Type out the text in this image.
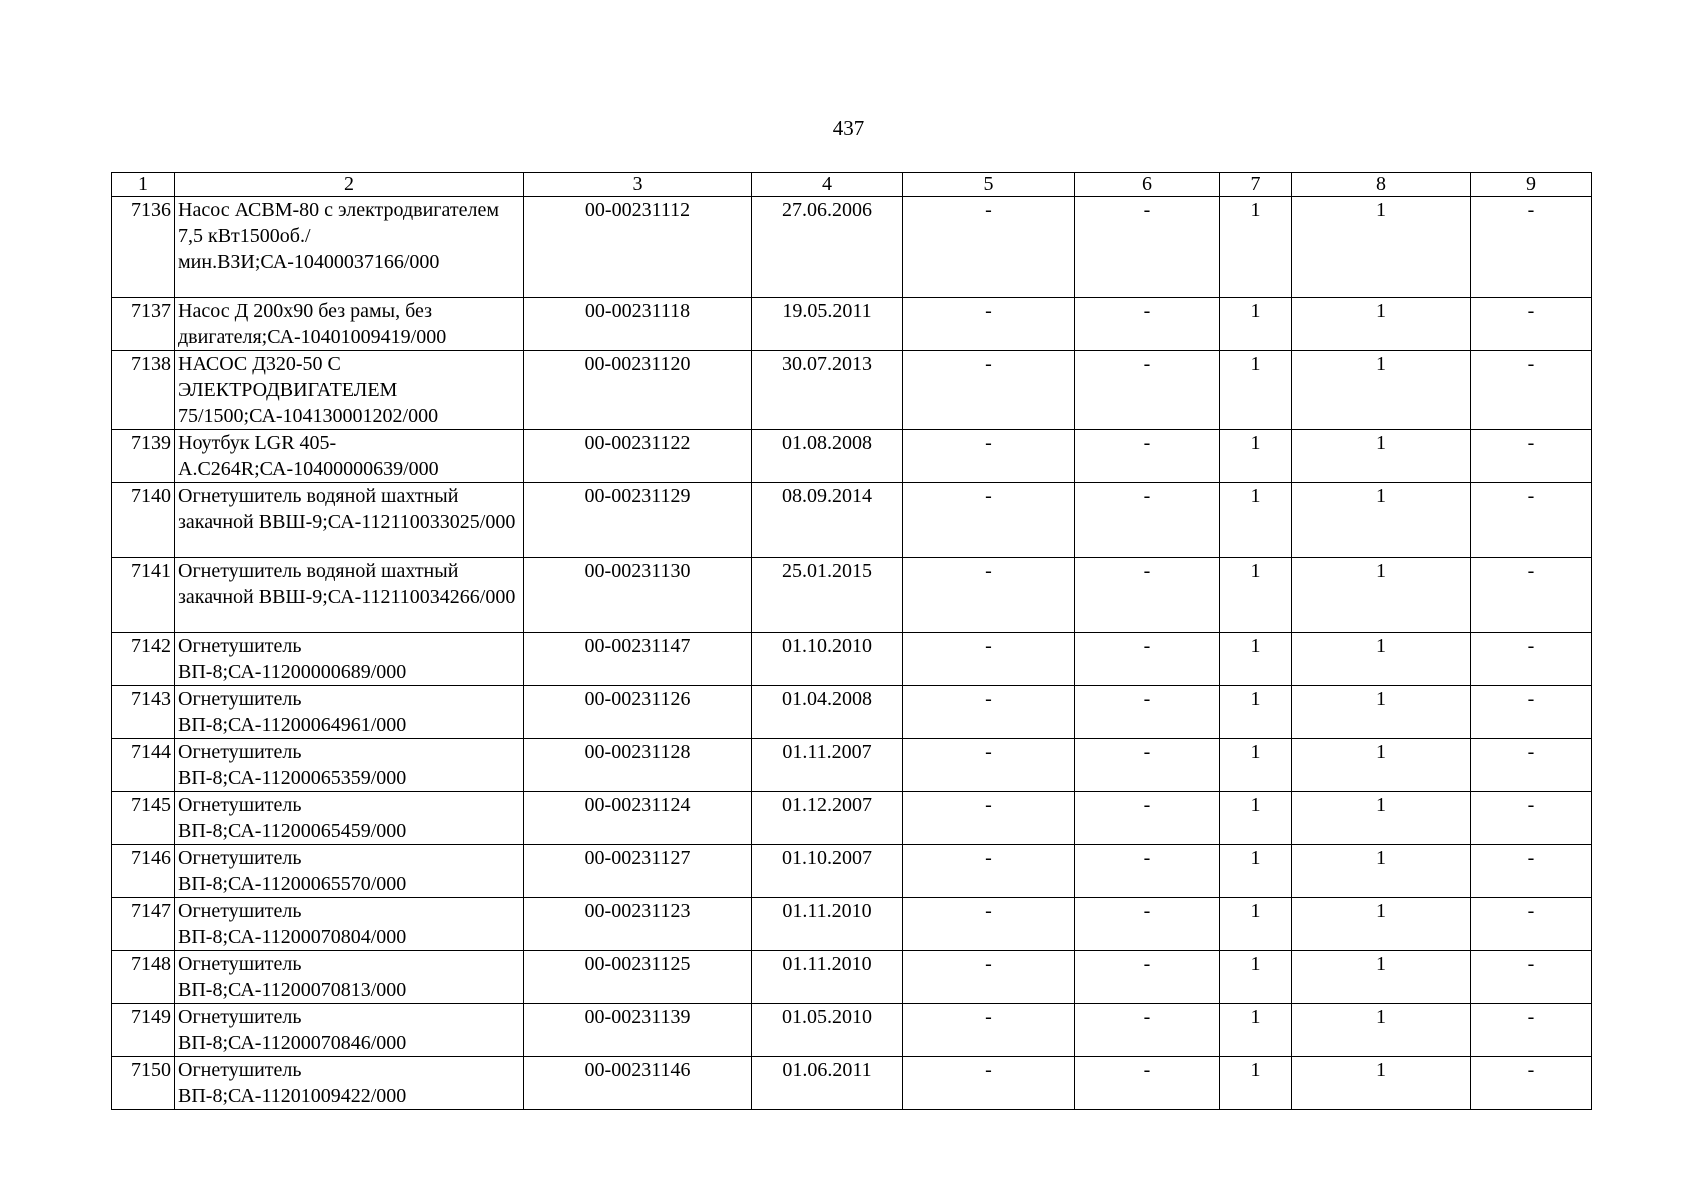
437
1	2	3	4	5	6	7	8	9
7136	Насос АСВМ-80 с электродвигателем 7,5 кВт1500об./мин.ВЗИ;СА-10400037166/000	00-00231112	27.06.2006	-	-	1	1	-
7137	Насос Д 200х90 без рамы, без двигателя;СА-10401009419/000	00-00231118	19.05.2011	-	-	1	1	-
7138	НАСОС Д320-50 С ЭЛЕКТРОДВИГАТЕЛЕМ 75/1500;СА-104130001202/000	00-00231120	30.07.2013	-	-	1	1	-
7139	Ноутбук LGR 405-A.C264R;СА-10400000639/000	00-00231122	01.08.2008	-	-	1	1	-
7140	Огнетушитель водяной шахтный закачной ВВШ-9;СА-112110033025/000	00-00231129	08.09.2014	-	-	1	1	-
7141	Огнетушитель водяной шахтный закачной ВВШ-9;СА-112110034266/000	00-00231130	25.01.2015	-	-	1	1	-
7142	Огнетушитель ВП-8;СА-11200000689/000	00-00231147	01.10.2010	-	-	1	1	-
7143	Огнетушитель ВП-8;СА-11200064961/000	00-00231126	01.04.2008	-	-	1	1	-
7144	Огнетушитель ВП-8;СА-11200065359/000	00-00231128	01.11.2007	-	-	1	1	-
7145	Огнетушитель ВП-8;СА-11200065459/000	00-00231124	01.12.2007	-	-	1	1	-
7146	Огнетушитель ВП-8;СА-11200065570/000	00-00231127	01.10.2007	-	-	1	1	-
7147	Огнетушитель ВП-8;СА-11200070804/000	00-00231123	01.11.2010	-	-	1	1	-
7148	Огнетушитель ВП-8;СА-11200070813/000	00-00231125	01.11.2010	-	-	1	1	-
7149	Огнетушитель ВП-8;СА-11200070846/000	00-00231139	01.05.2010	-	-	1	1	-
7150	Огнетушитель ВП-8;СА-11201009422/000	00-00231146	01.06.2011	-	-	1	1	-
